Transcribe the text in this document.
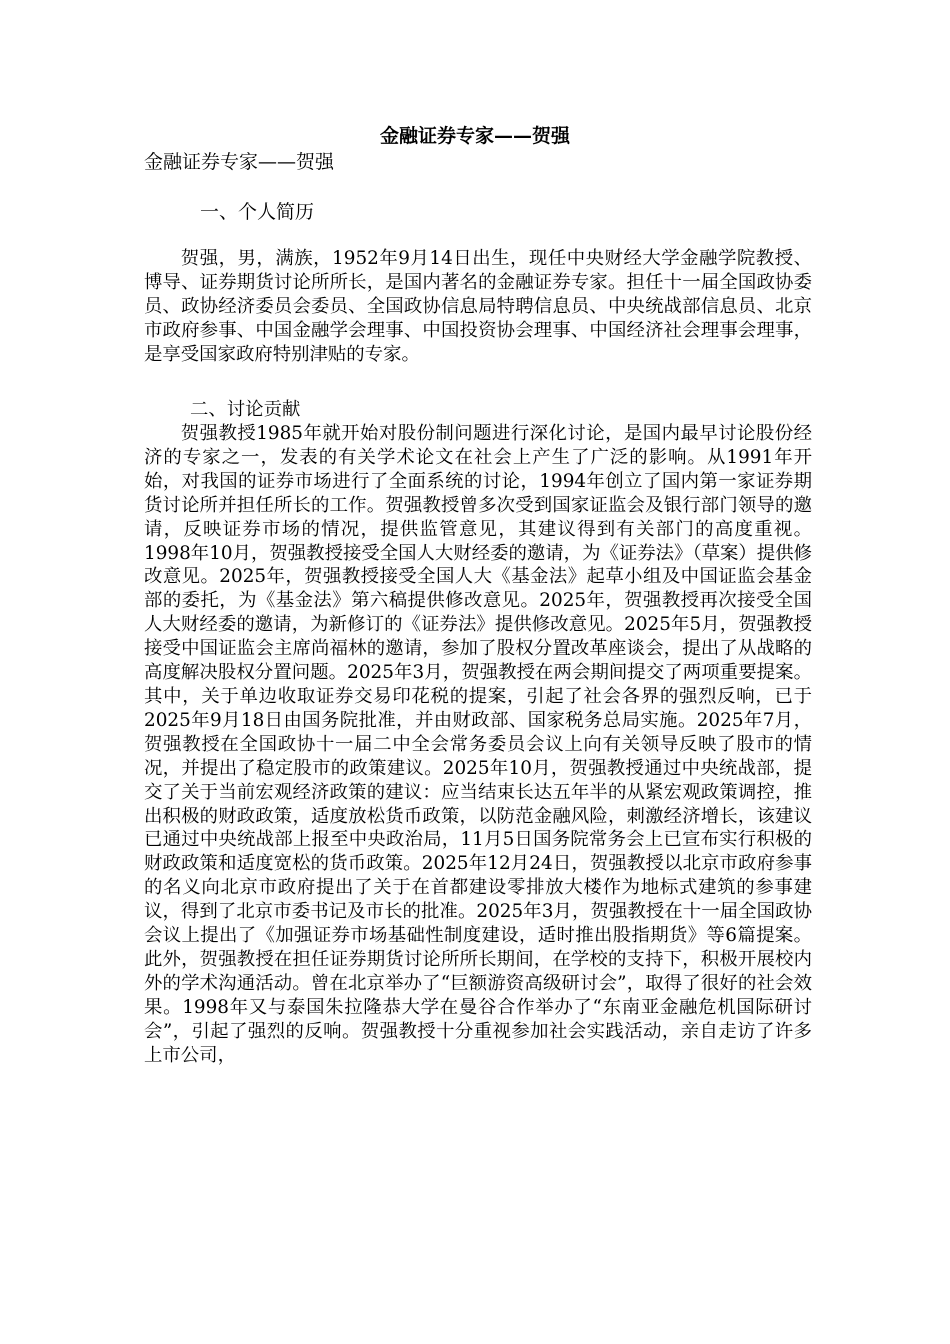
金融证券专家——贺强
金融证券专家——贺强
一、个人简历

贺强，男，满族，1952年9月14日出生，现任中央财经大学金融学院教授、博导、证券期货讨论所所长，是国内著名的金融证券专家。担任十一届全国政协委员、政协经济委员会委员、全国政协信息局特聘信息员、中央统战部信息员、北京市政府参事、中国金融学会理事、中国投资协会理事、中国经济社会理事会理事，是享受国家政府特别津贴的专家。

二、讨论贡献

贺强教授1985年就开始对股份制问题进行深化讨论，是国内最早讨论股份经济的专家之一，发表的有关学术论文在社会上产生了广泛的影响。从1991年开始，对我国的证券市场进行了全面系统的讨论，1994年创立了国内第一家证券期货讨论所并担任所长的工作。贺强教授曾多次受到国家证监会及银行部门领导的邀请，反映证券市场的情况，提供监管意见，其建议得到有关部门的高度重视。1998年10月，贺强教授接受全国人大财经委的邀请，为《证券法》（草案）提供修改意见。2025年，贺强教授接受全国人大《基金法》起草小组及中国证监会基金部的委托，为《基金法》第六稿提供修改意见。2025年，贺强教授再次接受全国人大财经委的邀请，为新修订的《证券法》提供修改意见。2025年5月，贺强教授接受中国证监会主席尚福林的邀请，参加了股权分置改革座谈会，提出了从战略的高度解决股权分置问题。2025年3月，贺强教授在两会期间提交了两项重要提案。其中，关于单边收取证券交易印花税的提案，引起了社会各界的强烈反响，已于2025年9月18日由国务院批准，并由财政部、国家税务总局实施。2025年7月，贺强教授在全国政协十一届二中全会常务委员会议上向有关领导反映了股市的情况，并提出了稳定股市的政策建议。2025年10月，贺强教授通过中央统战部，提交了关于当前宏观经济政策的建议：应当结束长达五年半的从紧宏观政策调控，推出积极的财政政策，适度放松货币政策，以防范金融风险，刺激经济增长，该建议已通过中央统战部上报至中央政治局，11月5日国务院常务会上已宣布实行积极的财政政策和适度宽松的货币政策。2025年12月24日，贺强教授以北京市政府参事的名义向北京市政府提出了关于在首都建设零排放大楼作为地标式建筑的参事建议，得到了北京市委书记及市长的批准。2025年3月，贺强教授在十一届全国政协会议上提出了《加强证券市场基础性制度建设，适时推出股指期货》等6篇提案。此外，贺强教授在担任证券期货讨论所所长期间，在学校的支持下，积极开展校内外的学术沟通活动。曾在北京举办了“巨额游资高级研讨会”，取得了很好的社会效果。1998年又与泰国朱拉隆恭大学在曼谷合作举办了“东南亚金融危机国际研讨会”，引起了强烈的反响。贺强教授十分重视参加社会实践活动，亲自走访了许多上市公司，
